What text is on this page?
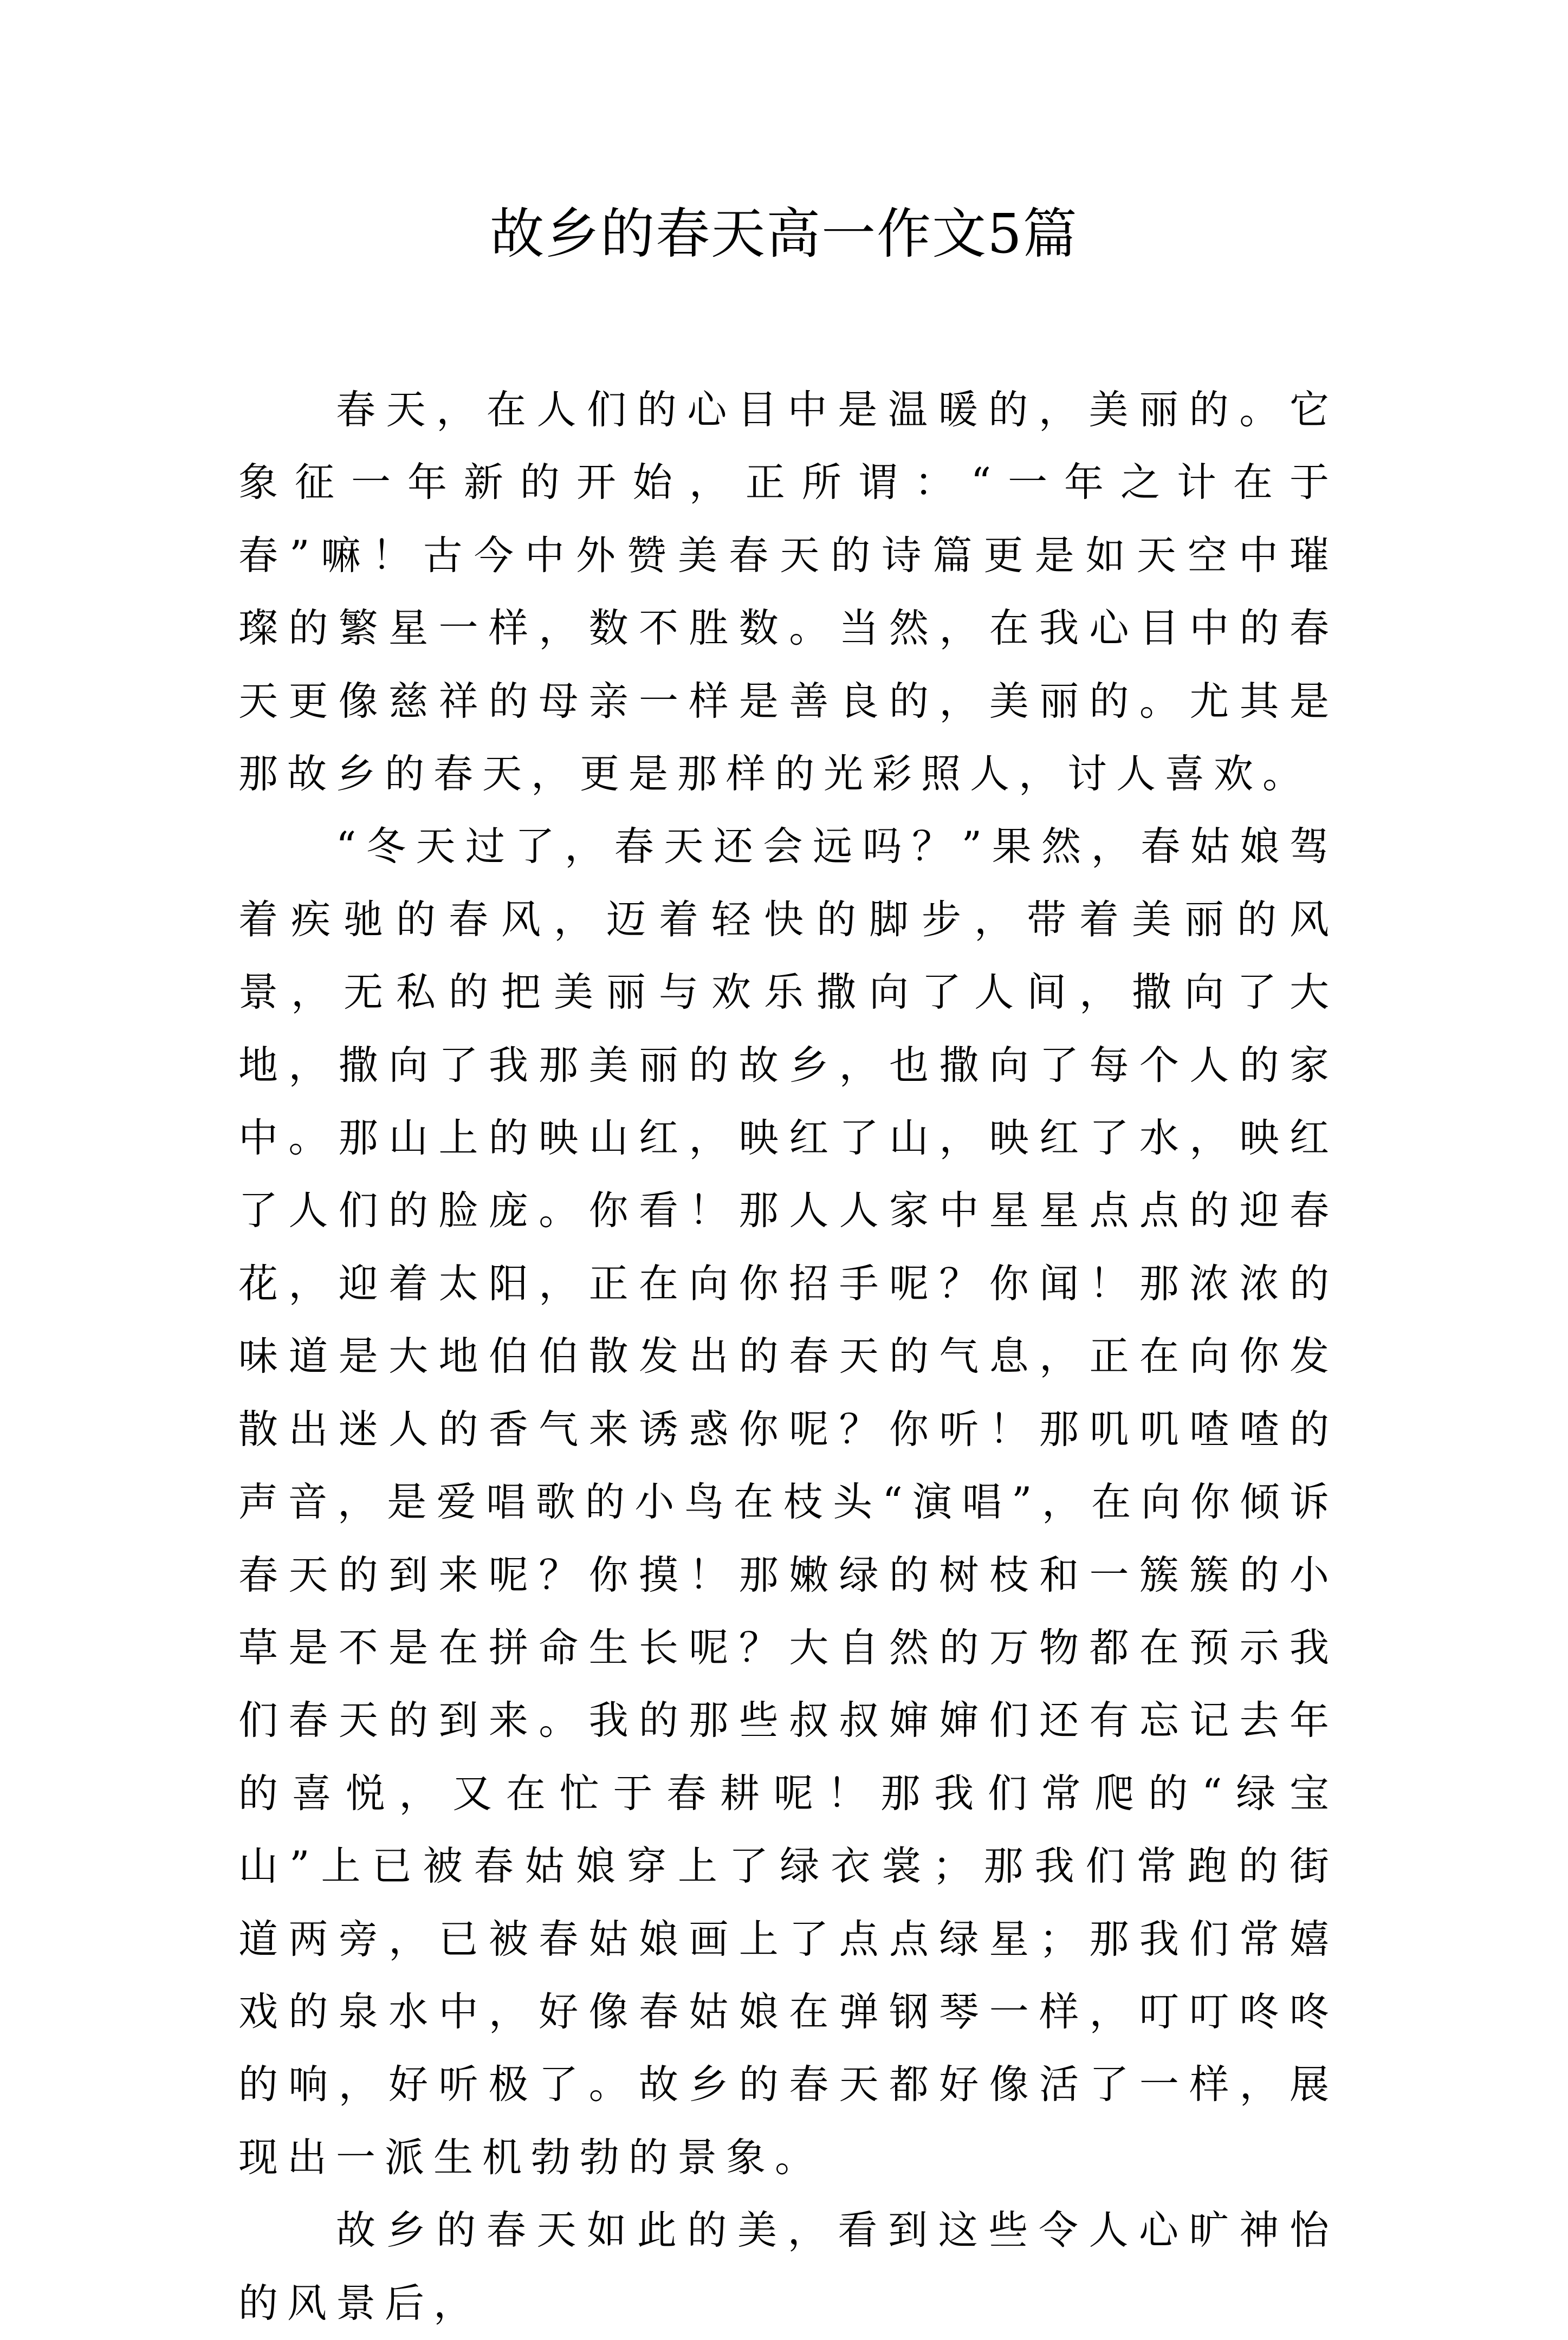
故乡的春天高一作文5篇

春天，在人们的心目中是温暖的，美丽的。它象征一年新的开始，正所谓：“一年之计在于春”嘛！古今中外赞美春天的诗篇更是如天空中璀璨的繁星一样，数不胜数。当然，在我心目中的春天更像慈祥的母亲一样是善良的，美丽的。尤其是那故乡的春天，更是那样的光彩照人，讨人喜欢。

“冬天过了，春天还会远吗？”果然，春姑娘驾着疾驰的春风，迈着轻快的脚步，带着美丽的风景，无私的把美丽与欢乐撒向了人间，撒向了大地，撒向了我那美丽的故乡，也撒向了每个人的家中。那山上的映山红，映红了山，映红了水，映红了人们的脸庞。你看！那人人家中星星点点的迎春花，迎着太阳，正在向你招手呢？你闻！那浓浓的味道是大地伯伯散发出的春天的气息，正在向你发散出迷人的香气来诱惑你呢？你听！那叽叽喳喳的声音，是爱唱歌的小鸟在枝头“演唱”，在向你倾诉春天的到来呢？你摸！那嫩绿的树枝和一簇簇的小草是不是在拼命生长呢？大自然的万物都在预示我们春天的到来。我的那些叔叔婶婶们还有忘记去年的喜悦，又在忙于春耕呢！那我们常爬的“绿宝山”上已被春姑娘穿上了绿衣裳；那我们常跑的街道两旁，已被春姑娘画上了点点绿星；那我们常嬉戏的泉水中，好像春姑娘在弹钢琴一样，叮叮咚咚的响，好听极了。故乡的春天都好像活了一样，展现出一派生机勃勃的景象。

故乡的春天如此的美，看到这些令人心旷神怡的风景后，
